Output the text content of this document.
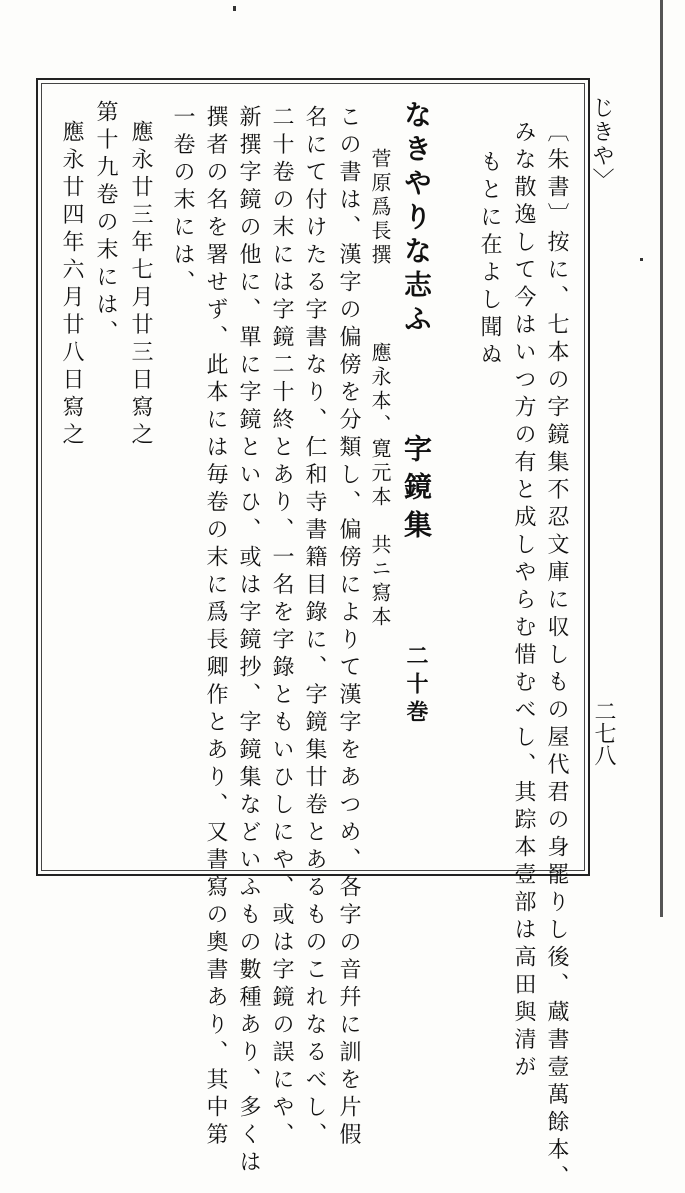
じきや〉
二七八
〔朱書〕按に、七本の字鏡集不忍文庫に収しもの屋代君の身罷りし後、蔵書壹萬餘本、
みな散逸して今はいつ方の有と成しやらむ惜むべし、其踪本壹部は高田與清が
もとに在よし聞ぬ
なきやりな志ふ  字鏡集  二十巻
菅原爲長撰  應永本、寛元本　共ニ寫本
この書は、漢字の偏傍を分類し、偏傍によりて漢字をあつめ、各字の音幷に訓を片假
名にて付けたる字書なり、仁和寺書籍目錄に、字鏡集廿卷とあるものこれなるべし、
二十卷の末には字鏡二十終とあり、一名を字錄ともいひしにや、或は字鏡の誤にや、
新撰字鏡の他に、單に字鏡といひ、或は字鏡抄、字鏡集などいふもの數種あり、多くは
撰者の名を署せず、此本には毎卷の末に爲長卿作とあり、又書寫の奧書あり、其中第
一卷の末には、
應永廿三年七月廿三日寫之
第十九卷の末には、
應永廿四年六月廿八日寫之
